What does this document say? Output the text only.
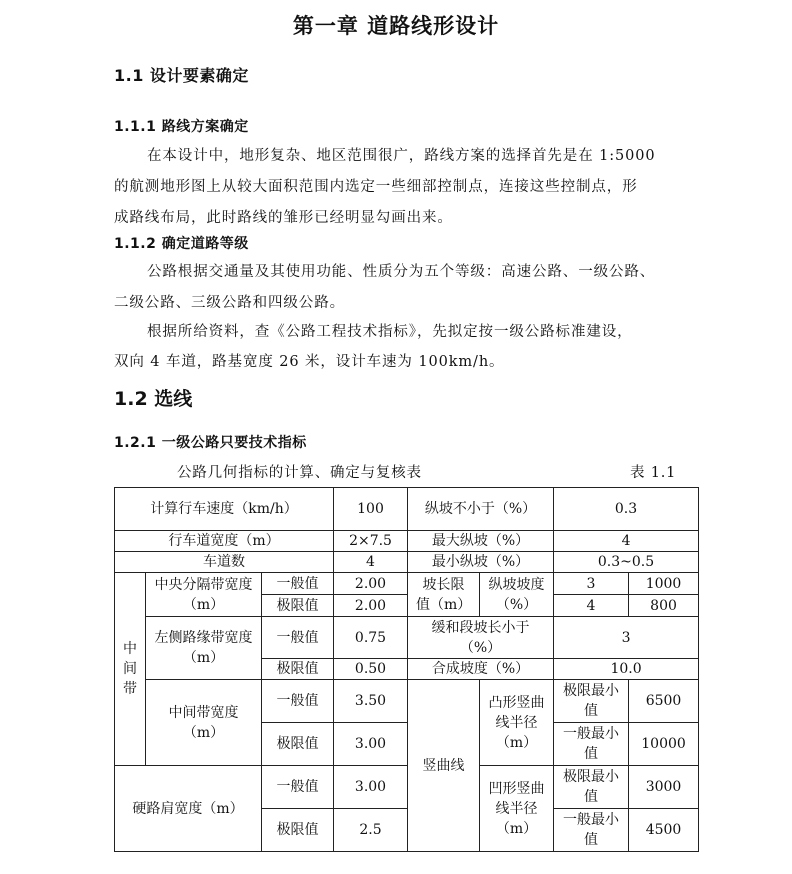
第一章 道路线形设计
1.1 设计要素确定
1.1.1 路线方案确定
在本设计中，地形复杂、地区范围很广，路线方案的选择首先是在 1:5000
的航测地形图上从较大面积范围内选定一些细部控制点，连接这些控制点，形
成路线布局，此时路线的雏形已经明显勾画出来。
1.1.2 确定道路等级
公路根据交通量及其使用功能、性质分为五个等级：高速公路、一级公路、
二级公路、三级公路和四级公路。
根据所给资料，查《公路工程技术指标》，先拟定按一级公路标准建设，
双向 4 车道，路基宽度 26 米，设计车速为 100km/h。
1.2 选线
1.2.1 一级公路只要技术指标
公路几何指标的计算、确定与复核表	表 1.1
计算行车速度（km/h）			100	纵坡不小于（%）		0.3	
行车道宽度（m）			2×7.5	最大纵坡（%）		4	
车道数			4	最小纵坡（%）		0.3~0.5	
中间带	中央分隔带宽度（m）	一般值	2.00	坡长限值（m）	纵坡坡度（%）	3	1000
		极限值	2.00			4	800
	左侧路缘带宽度（m）	一般值	0.75	缓和段坡长小于（%）		3	
		极限值	0.50	合成坡度（%）		10.0	
	中间带宽度（m）	一般值	3.50	竖曲线	凸形竖曲线半径（m）	极限最小值	6500
		极限值	3.00			一般最小值	10000
硬路肩宽度（m）		一般值	3.00		凹形竖曲线半径（m）	极限最小值	3000
		极限值	2.5			一般最小值	4500
